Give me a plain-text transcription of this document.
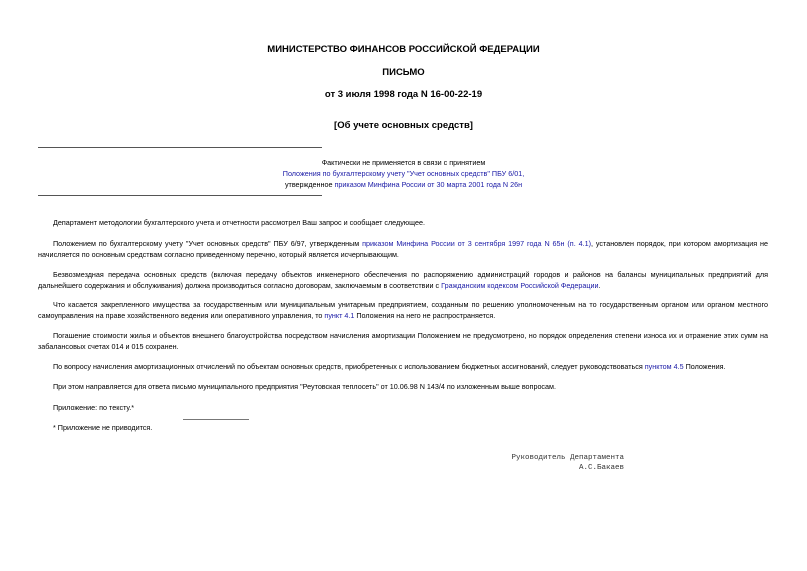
МИНИСТЕРСТВО ФИНАНСОВ РОССИЙСКОЙ ФЕДЕРАЦИИ
ПИСЬМО
от 3 июля 1998 года N 16-00-22-19
[Об учете основных средств]
Фактически не применяется в связи с принятием
Положения по бухгалтерскому учету "Учет основных средств" ПБУ 6/01,
утвержденное приказом Минфина России от 30 марта 2001 года N 26н
Департамент методологии бухгалтерского учета и отчетности рассмотрел Ваш запрос и сообщает следующее.
Положением по бухгалтерскому учету "Учет основных средств" ПБУ 6/97, утвержденным приказом Минфина России от 3 сентября 1997 года N 65н (п. 4.1), установлен порядок, при котором амортизация не начисляется по основным средствам согласно приведенному перечню, который является исчерпывающим.
Безвозмездная передача основных средств (включая передачу объектов инженерного обеспечения по распоряжению администраций городов и районов на балансы муниципальных предприятий для дальнейшего содержания и обслуживания) должна производиться согласно договорам, заключаемым в соответствии с Гражданским кодексом Российской Федерации.
Что касается закрепленного имущества за государственным или муниципальным унитарным предприятием, созданным по решению уполномоченным на то государственным органом или органом местного самоуправления на праве хозяйственного ведения или оперативного управления, то пункт 4.1 Положения на него не распространяется.
Погашение стоимости жилья и объектов внешнего благоустройства посредством начисления амортизации Положением не предусмотрено, но порядок определения степени износа их и отражение этих сумм на забалансовых счетах 014 и 015 сохранен.
По вопросу начисления амортизационных отчислений по объектам основных средств, приобретенных с использованием бюджетных ассигнований, следует руководствоваться пунктом 4.5 Положения.
При этом направляется для ответа письмо муниципального предприятия "Реутовская теплосеть" от 10.06.98 N 143/4 по изложенным выше вопросам.
Приложение: по тексту.*
* Приложение не приводится.
Руководитель Департамента
А.С.Бакаев
